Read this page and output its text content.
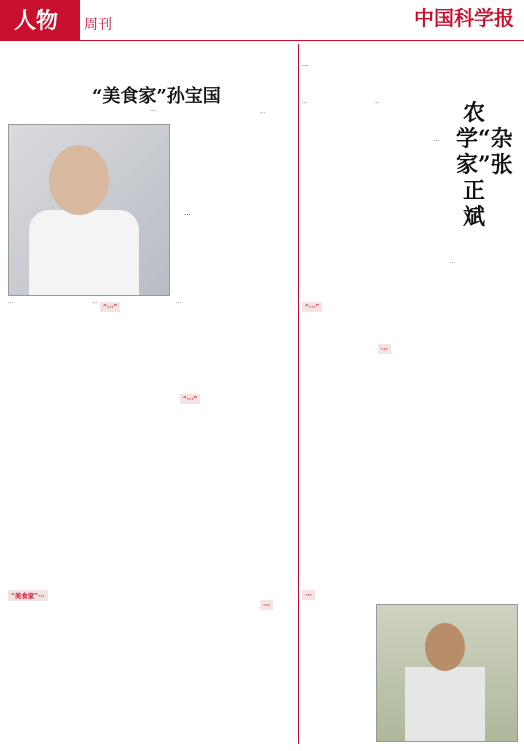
人物 周刊	中国科学报
“美食家”孙宝国
···
···
···
“美食家”···
··· “···”	···
“···”
···
···
···
农学“杂家”张正斌
···
···
“···”
···
···
···
···
